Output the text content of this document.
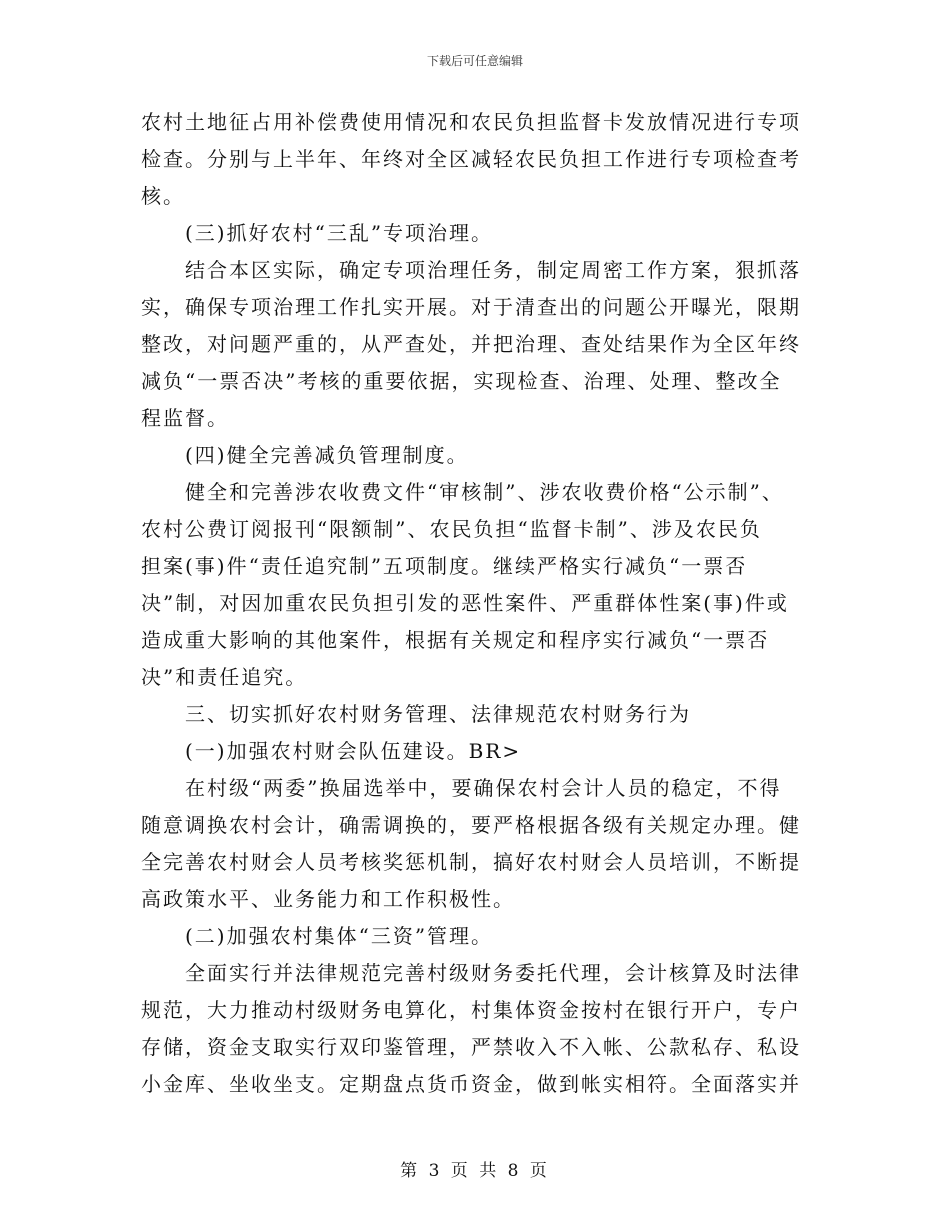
下载后可任意编辑
农村土地征占用补偿费使用情况和农民负担监督卡发放情况进行专项
检查。分别与上半年、年终对全区减轻农民负担工作进行专项检查考
核。
(三)抓好农村“三乱”专项治理。
结合本区实际，确定专项治理任务，制定周密工作方案，狠抓落
实，确保专项治理工作扎实开展。对于清查出的问题公开曝光，限期
整改，对问题严重的，从严查处，并把治理、查处结果作为全区年终
减负“一票否决”考核的重要依据，实现检查、治理、处理、整改全
程监督。
(四)健全完善减负管理制度。
健全和完善涉农收费文件“审核制”、涉农收费价格“公示制”、
农村公费订阅报刊“限额制”、农民负担“监督卡制”、涉及农民负
担案(事)件“责任追究制”五项制度。继续严格实行减负“一票否
决”制，对因加重农民负担引发的恶性案件、严重群体性案(事)件或
造成重大影响的其他案件，根据有关规定和程序实行减负“一票否
决”和责任追究。
三、切实抓好农村财务管理、法律规范农村财务行为
(一)加强农村财会队伍建设。BR>
在村级“两委”换届选举中，要确保农村会计人员的稳定，不得
随意调换农村会计，确需调换的，要严格根据各级有关规定办理。健
全完善农村财会人员考核奖惩机制，搞好农村财会人员培训，不断提
高政策水平、业务能力和工作积极性。
(二)加强农村集体“三资”管理。
全面实行并法律规范完善村级财务委托代理，会计核算及时法律
规范，大力推动村级财务电算化，村集体资金按村在银行开户，专户
存储，资金支取实行双印鉴管理，严禁收入不入帐、公款私存、私设
小金库、坐收坐支。定期盘点货币资金，做到帐实相符。全面落实并
第 3 页 共 8 页
